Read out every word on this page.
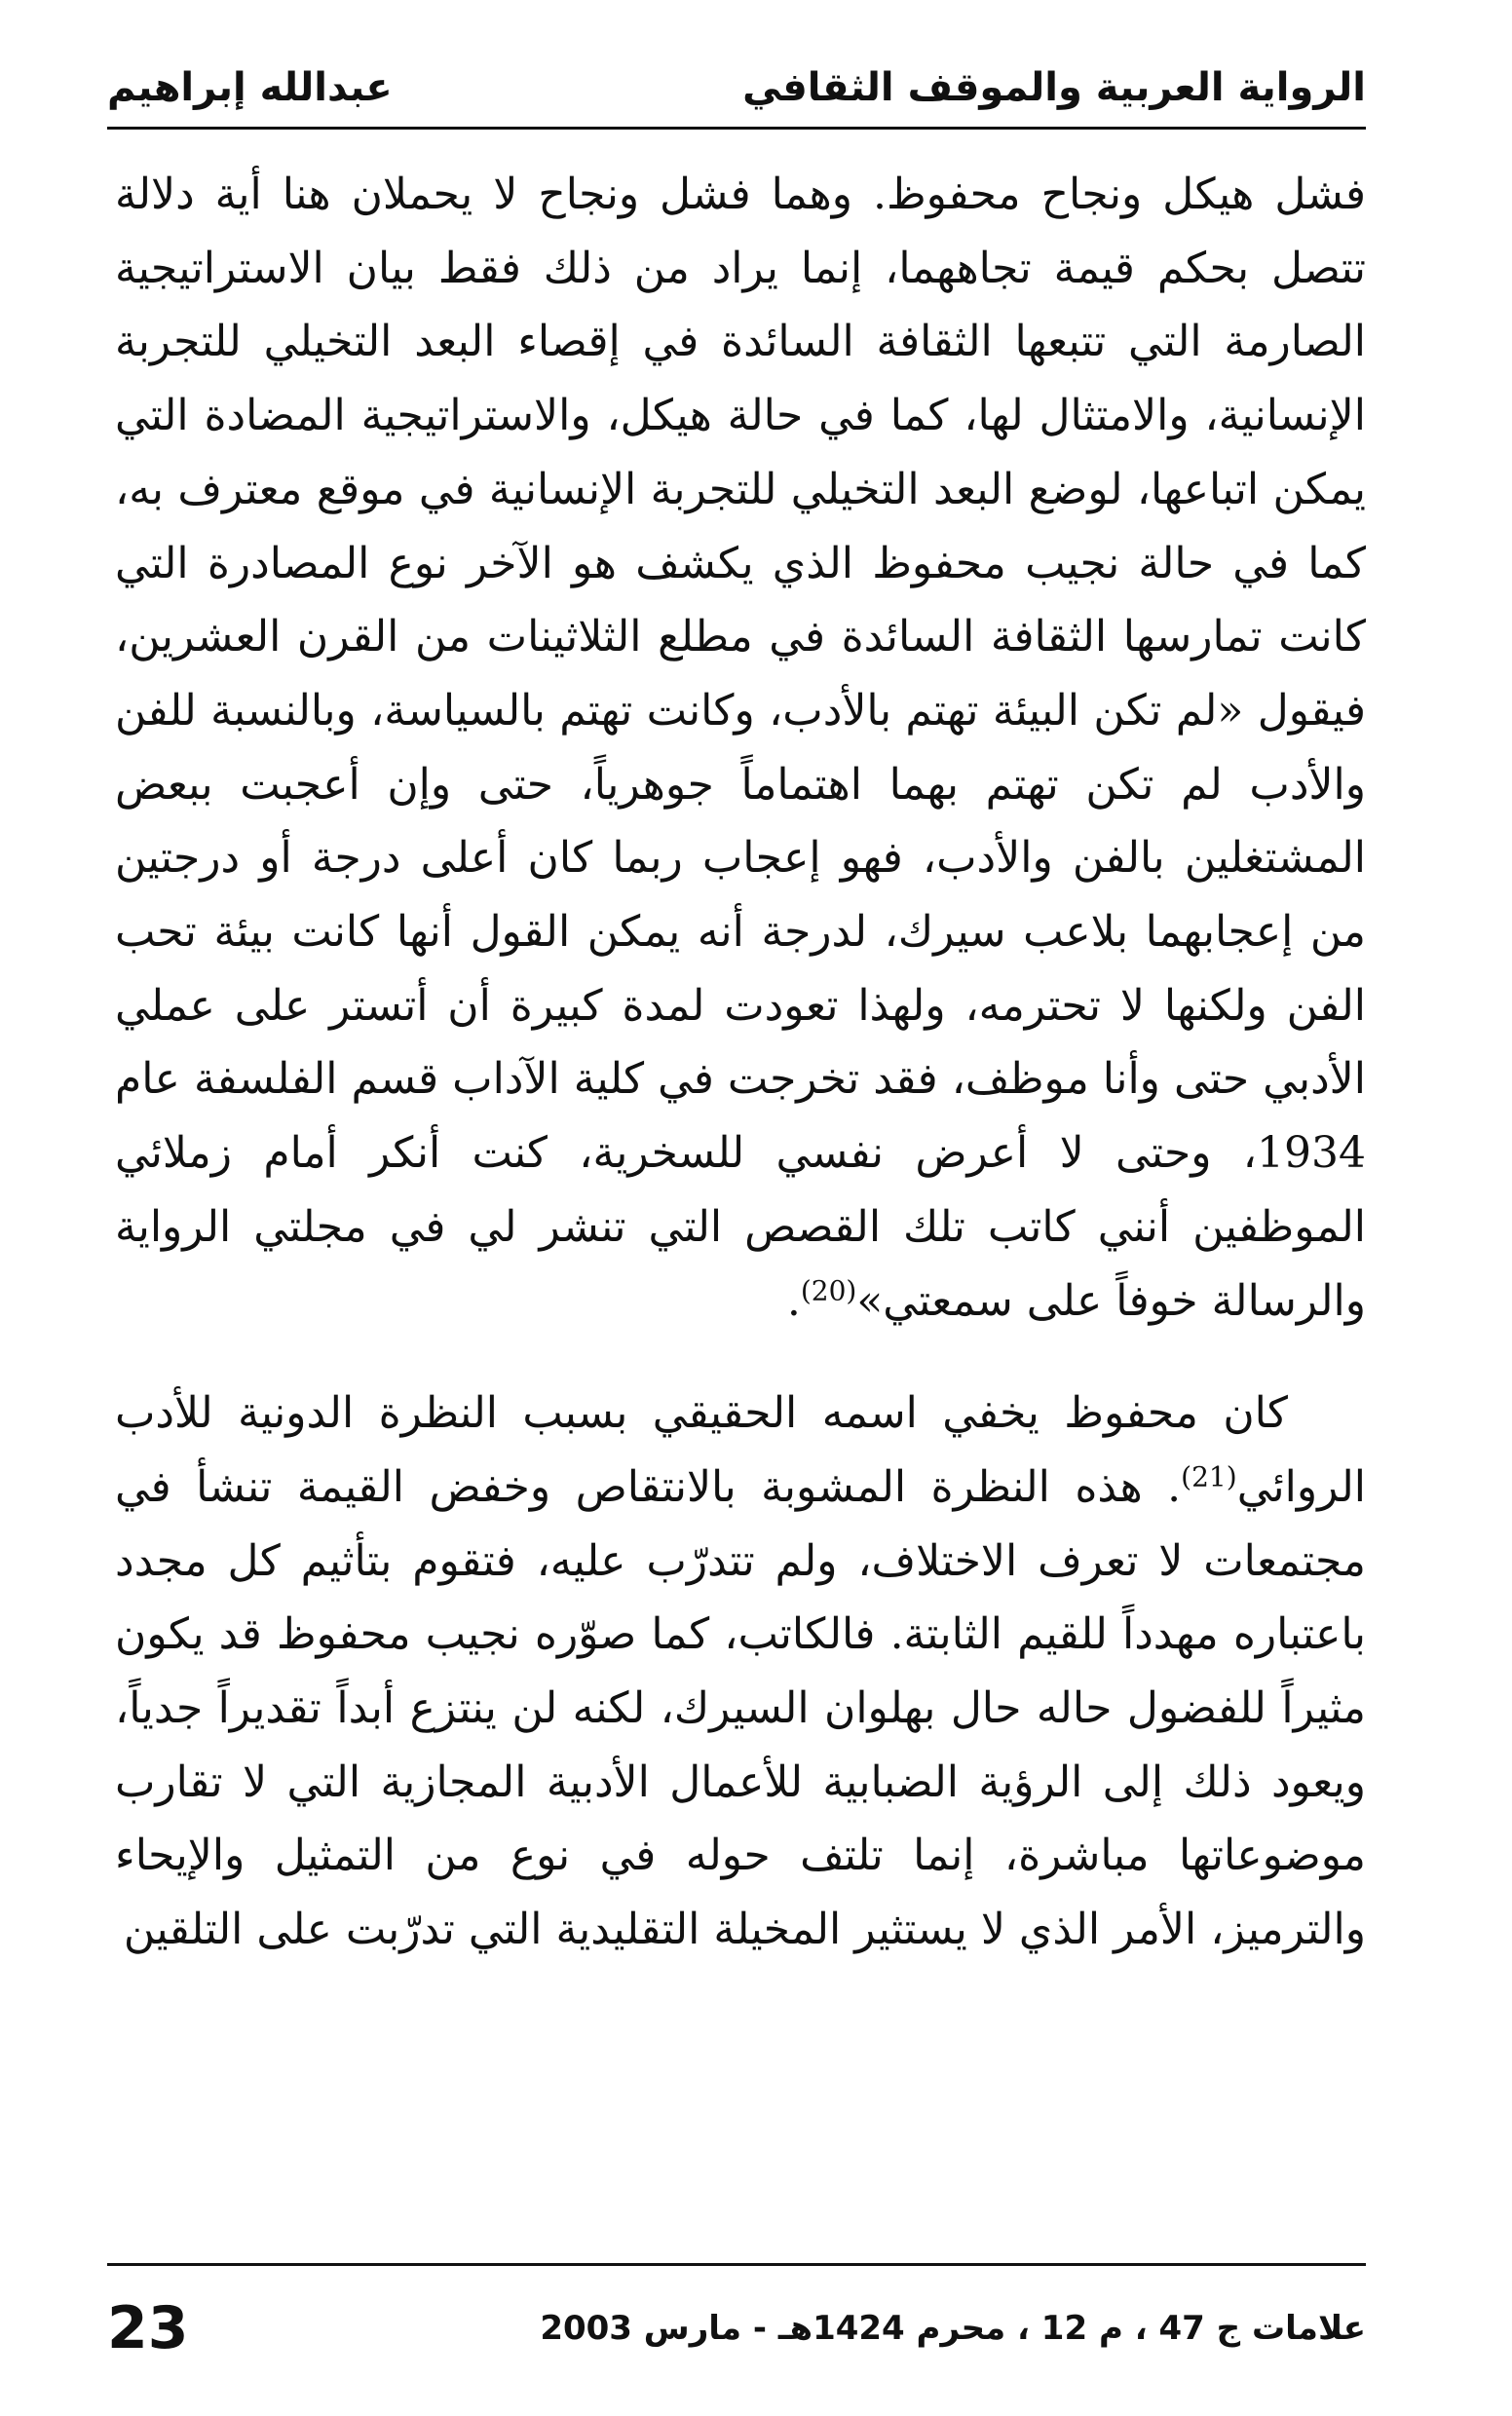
الرواية العربية والموقف الثقافي
عبدالله إبراهيم

فشل هيكل ونجاح محفوظ. وهما فشل ونجاح لا يحملان هنا أية دلالة تتصل بحكم قيمة تجاههما، إنما يراد من ذلك فقط بيان الاستراتيجية الصارمة التي تتبعها الثقافة السائدة في إقصاء البعد التخيلي للتجربة الإنسانية، والامتثال لها، كما في حالة هيكل، والاستراتيجية المضادة التي يمكن اتباعها، لوضع البعد التخيلي للتجربة الإنسانية في موقع معترف به، كما في حالة نجيب محفوظ الذي يكشف هو الآخر نوع المصادرة التي كانت تمارسها الثقافة السائدة في مطلع الثلاثينات من القرن العشرين، فيقول «لم تكن البيئة تهتم بالأدب، وكانت تهتم بالسياسة، وبالنسبة للفن والأدب لم تكن تهتم بهما اهتماماً جوهرياً، حتى وإن أعجبت ببعض المشتغلين بالفن والأدب، فهو إعجاب ربما كان أعلى درجة أو درجتين من إعجابهما بلاعب سيرك، لدرجة أنه يمكن القول أنها كانت بيئة تحب الفن ولكنها لا تحترمه، ولهذا تعودت لمدة كبيرة أن أتستر على عملي الأدبي حتى وأنا موظف، فقد تخرجت في كلية الآداب قسم الفلسفة عام 1934، وحتى لا أعرض نفسي للسخرية، كنت أنكر أمام زملائي الموظفين أنني كاتب تلك القصص التي تنشر لي في مجلتي الرواية والرسالة خوفاً على سمعتي»$^{(20)}$.

كان محفوظ يخفي اسمه الحقيقي بسبب النظرة الدونية للأدب الروائي$^{(21)}$. هذه النظرة المشوبة بالانتقاص وخفض القيمة تنشأ في مجتمعات لا تعرف الاختلاف، ولم تتدرّب عليه، فتقوم بتأثيم كل مجدد باعتباره مهدداً للقيم الثابتة. فالكاتب، كما صوّره نجيب محفوظ قد يكون مثيراً للفضول حاله حال بهلوان السيرك، لكنه لن ينتزع أبداً تقديراً جدياً، ويعود ذلك إلى الرؤية الضبابية للأعمال الأدبية المجازية التي لا تقارب موضوعاتها مباشرة، إنما تلتف حوله في نوع من التمثيل والإيحاء والترميز، الأمر الذي لا يستثير المخيلة التقليدية التي تدرّبت على التلقين

علامات ج 47 ، م 12 ، محرم 1424هـ - مارس 2003
23
